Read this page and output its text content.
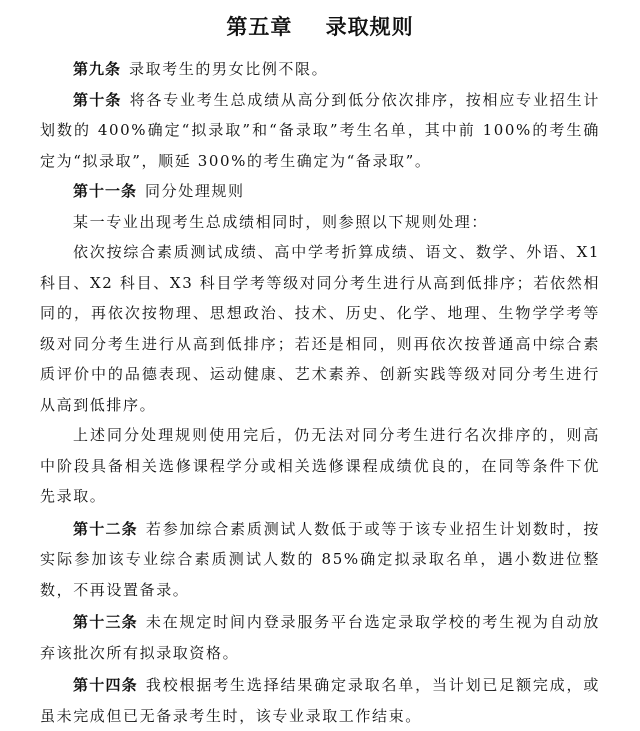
第五章    录取规则

第九条 录取考生的男女比例不限。

第十条 将各专业考生总成绩从高分到低分依次排序，按相应专业招生计划数的 400%确定“拟录取”和“备录取”考生名单，其中前 100%的考生确定为“拟录取”，顺延 300%的考生确定为“备录取”。

第十一条 同分处理规则

某一专业出现考生总成绩相同时，则参照以下规则处理：

依次按综合素质测试成绩、高中学考折算成绩、语文、数学、外语、X1 科目、X2 科目、X3 科目学考等级对同分考生进行从高到低排序；若依然相同的，再依次按物理、思想政治、技术、历史、化学、地理、生物学学考等级对同分考生进行从高到低排序；若还是相同，则再依次按普通高中综合素质评价中的品德表现、运动健康、艺术素养、创新实践等级对同分考生进行从高到低排序。

上述同分处理规则使用完后，仍无法对同分考生进行名次排序的，则高中阶段具备相关选修课程学分或相关选修课程成绩优良的，在同等条件下优先录取。

第十二条 若参加综合素质测试人数低于或等于该专业招生计划数时，按实际参加该专业综合素质测试人数的 85%确定拟录取名单，遇小数进位整数，不再设置备录。

第十三条 未在规定时间内登录服务平台选定录取学校的考生视为自动放弃该批次所有拟录取资格。

第十四条 我校根据考生选择结果确定录取名单，当计划已足额完成，或虽未完成但已无备录考生时，该专业录取工作结束。
